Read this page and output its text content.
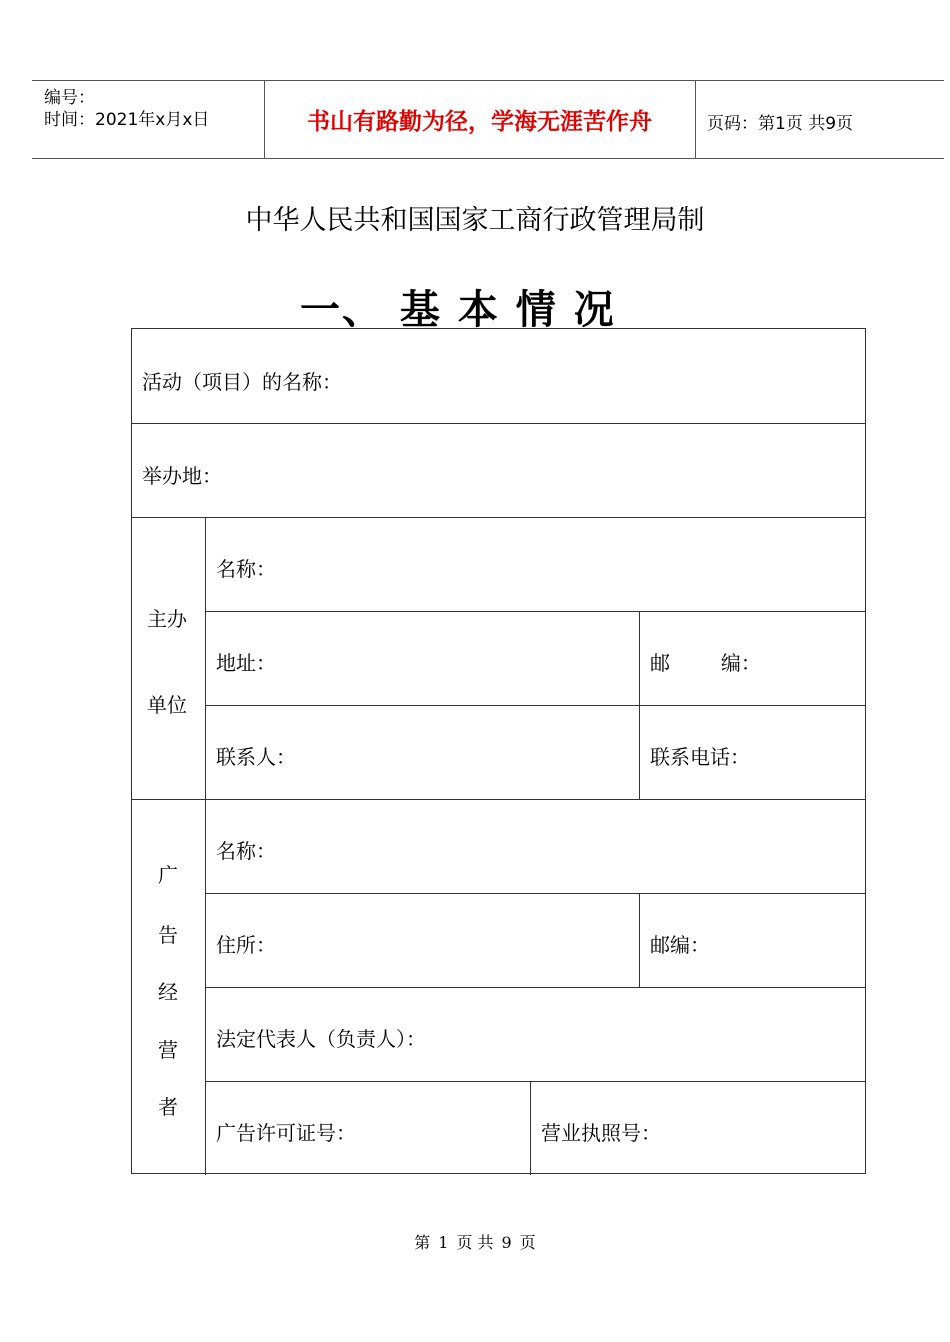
编号：
时间：2021年x月x日	书山有路勤为径，学海无涯苦作舟	页码：第1页 共9页
中华人民共和国国家工商行政管理局制
一、 基 本 情 况
活动（项目）的名称：
举办地：
主办
单位
名称：
地址：	邮        编：
联系人：	联系电话：
广
告
经
营
者
名称：
住所：	邮编：
法定代表人（负责人）：
广告许可证号：	营业执照号：
第 1 页 共 9 页
